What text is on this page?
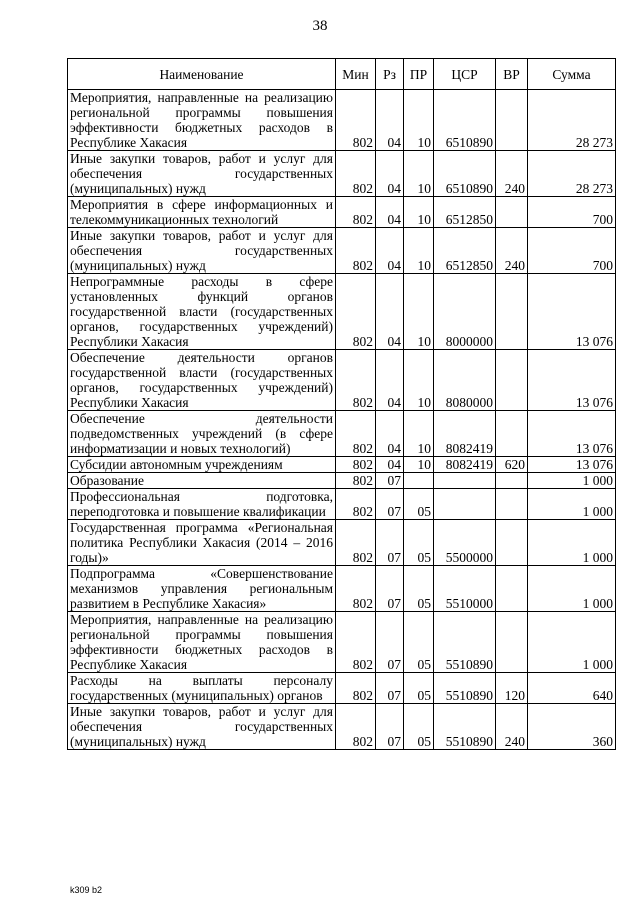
38
Наименование	Мин	Рз	ПР	ЦСР	ВР	Сумма
Мероприятия, направленные на реализацию региональной программы повышения эффективности бюджетных расходов в Республике Хакасия	802	04	10	6510890		28 273
Иные закупки товаров, работ и услуг для обеспечения государственных (муниципальных) нужд	802	04	10	6510890	240	28 273
Мероприятия в сфере информационных и телекоммуникационных технологий	802	04	10	6512850		700
Иные закупки товаров, работ и услуг для обеспечения государственных (муниципальных) нужд	802	04	10	6512850	240	700
Непрограммные расходы в сфере установленных функций органов государственной власти (государственных органов, государственных учреждений) Республики Хакасия	802	04	10	8000000		13 076
Обеспечение деятельности органов государственной власти (государственных органов, государственных учреждений) Республики Хакасия	802	04	10	8080000		13 076
Обеспечение деятельности подведомственных учреждений (в сфере информатизации и новых технологий)	802	04	10	8082419		13 076
Субсидии автономным учреждениям	802	04	10	8082419	620	13 076
Образование	802	07				1 000
Профессиональная подготовка, переподготовка и повышение квалификации	802	07	05			1 000
Государственная программа «Региональная политика Республики Хакасия (2014 – 2016 годы)»	802	07	05	5500000		1 000
Подпрограмма «Совершенствование механизмов управления региональным развитием в Республике Хакасия»	802	07	05	5510000		1 000
Мероприятия, направленные на реализацию региональной программы повышения эффективности бюджетных расходов в Республике Хакасия	802	07	05	5510890		1 000
Расходы на выплаты персоналу государственных (муниципальных) органов	802	07	05	5510890	120	640
Иные закупки товаров, работ и услуг для обеспечения государственных (муниципальных) нужд	802	07	05	5510890	240	360
k309 b2
